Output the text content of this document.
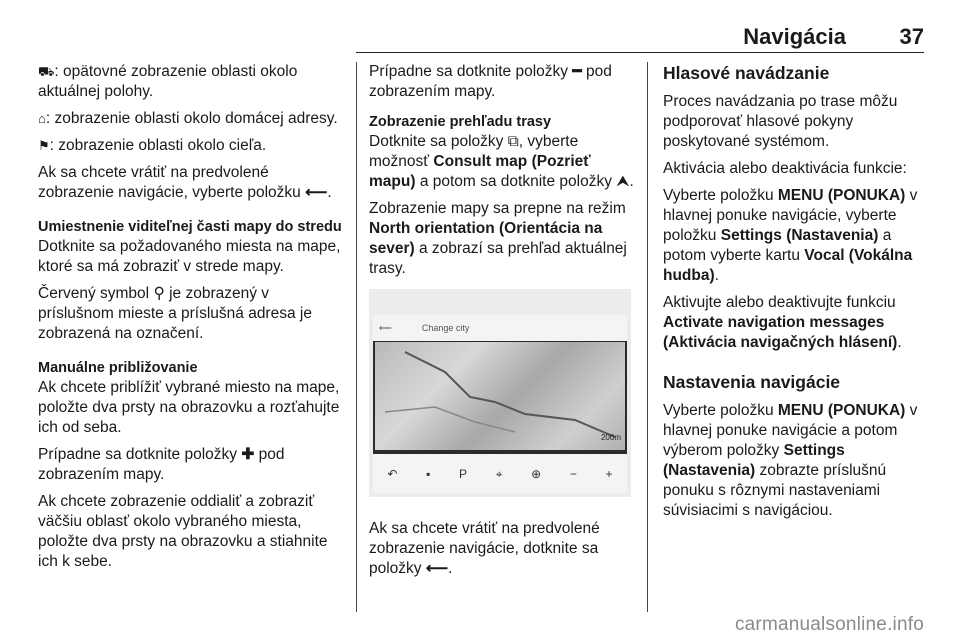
Navigácia 37

⛟: opätovné zobrazenie oblasti okolo aktuálnej polohy.

⌂: zobrazenie oblasti okolo domácej adresy.

⚑: zobrazenie oblasti okolo cieľa.

Ak sa chcete vrátiť na predvolené zobrazenie navigácie, vyberte položku ⟵.

Umiestnenie viditeľnej časti mapy do stredu

Dotknite sa požadovaného miesta na mape, ktoré sa má zobraziť v strede mapy.

Červený symbol ⚲ je zobrazený v príslušnom mieste a príslušná adresa je zobrazená na označení.

Manuálne približovanie

Ak chcete priblížiť vybrané miesto na mape, položte dva prsty na obrazovku a rozťahujte ich od seba.

Prípadne sa dotknite položky ✚ pod zobrazením mapy.

Ak chcete zobrazenie oddialiť a zobraziť väčšiu oblasť okolo vybraného miesta, položte dva prsty na obrazovku a stiahnite ich k sebe.

Prípadne sa dotknite položky ━ pod zobrazením mapy.

Zobrazenie prehľadu trasy

Dotknite sa položky ⧉, vyberte možnosť Consult map (Pozrieť mapu) a potom sa dotknite položky ⮝.

Zobrazenie mapy sa prepne na režim North orientation (Orientácia na sever) a zobrazí sa prehľad aktuálnej trasy.

⟵	Change city
200m
↶ ▪ P ⌖ ⊕ − +

Ak sa chcete vrátiť na predvolené zobrazenie navigácie, dotknite sa položky ⟵.

Hlasové navádzanie

Proces navádzania po trase môžu podporovať hlasové pokyny poskytované systémom.

Aktivácia alebo deaktivácia funkcie:

Vyberte položku MENU (PONUKA) v hlavnej ponuke navigácie, vyberte položku Settings (Nastavenia) a potom vyberte kartu Vocal (Vokálna hudba).

Aktivujte alebo deaktivujte funkciu Activate navigation messages (Aktivácia navigačných hlásení).

Nastavenia navigácie

Vyberte položku MENU (PONUKA) v hlavnej ponuke navigácie a potom výberom položky Settings (Nastavenia) zobrazte príslušnú ponuku s rôznymi nastaveniami súvisiacimi s navigáciou.

carmanualsonline.info
